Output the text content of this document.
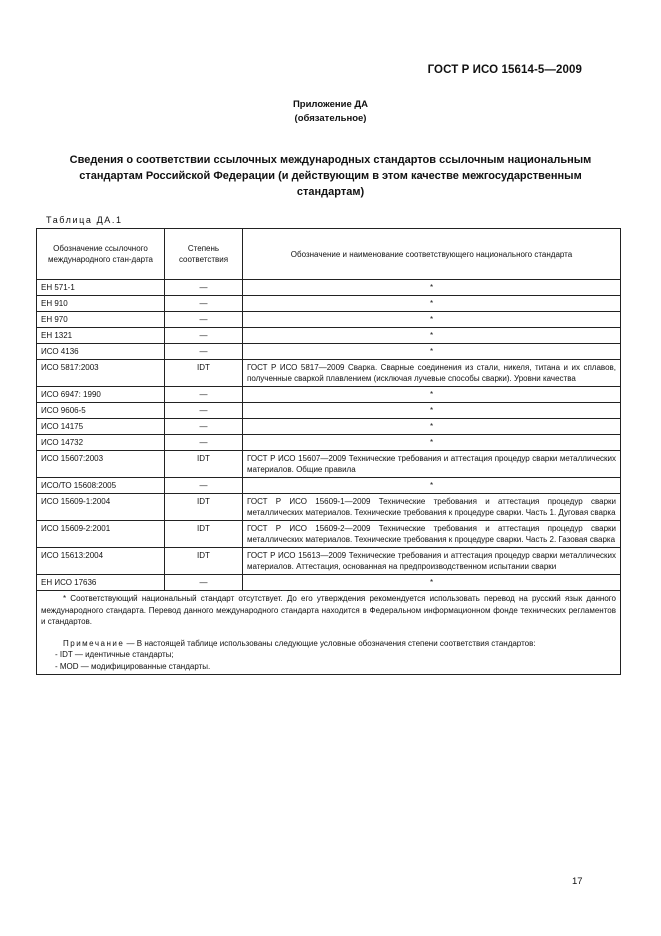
ГОСТ Р ИСО 15614-5—2009
Приложение ДА
(обязательное)
Сведения о соответствии ссылочных международных стандартов ссылочным национальным стандартам Российской Федерации (и действующим в этом качестве межгосударственным стандартам)
Таблица ДА.1
Обозначение ссылочного международного стан-дарта	Степень соответствия	Обозначение и наименование соответствующего национального стандарта
ЕН 571-1	—	*
ЕН 910	—	*
ЕН 970	—	*
ЕН 1321	—	*
ИСО 4136	—	*
ИСО 5817:2003	IDT	ГОСТ Р ИСО 5817—2009 Сварка. Сварные соединения из стали, никеля, титана и их сплавов, полученные сваркой плавлением (исключая лучевые способы сварки). Уровни качества
ИСО 6947: 1990	—	*
ИСО 9606-5	—	*
ИСО 14175	—	*
ИСО 14732	—	*
ИСО 15607:2003	IDT	ГОСТ Р ИСО 15607—2009 Технические требования и аттестация процедур сварки металлических материалов. Общие правила
ИСО/ТО 15608:2005	—	*
ИСО 15609-1:2004	IDT	ГОСТ Р ИСО 15609-1—2009 Технические требования и аттестация процедур сварки металлических материалов. Технические требования к процедуре сварки. Часть 1. Дуговая сварка
ИСО 15609-2:2001	IDT	ГОСТ Р ИСО 15609-2—2009 Технические требования и аттестация процедур сварки металлических материалов. Технические требования к процедуре сварки. Часть 2. Газовая сварка
ИСО 15613:2004	IDT	ГОСТ Р ИСО 15613—2009 Технические требования и аттестация процедур сварки металлических материалов. Аттестация, основанная на предпроизводственном испытании сварки
ЕН ИСО 17636	—	*

* Соответствующий национальный стандарт отсутствует. До его утверждения рекомендуется использовать перевод на русский язык данного международного стандарта. Перевод данного международного стандарта находится в Федеральном информационном фонде технических регламентов и стандартов.

Примечание — В настоящей таблице использованы следующие условные обозначения степени соответствия стандартов:

- IDT — идентичные стандарты;

- MOD — модифицированные стандарты.		

17
